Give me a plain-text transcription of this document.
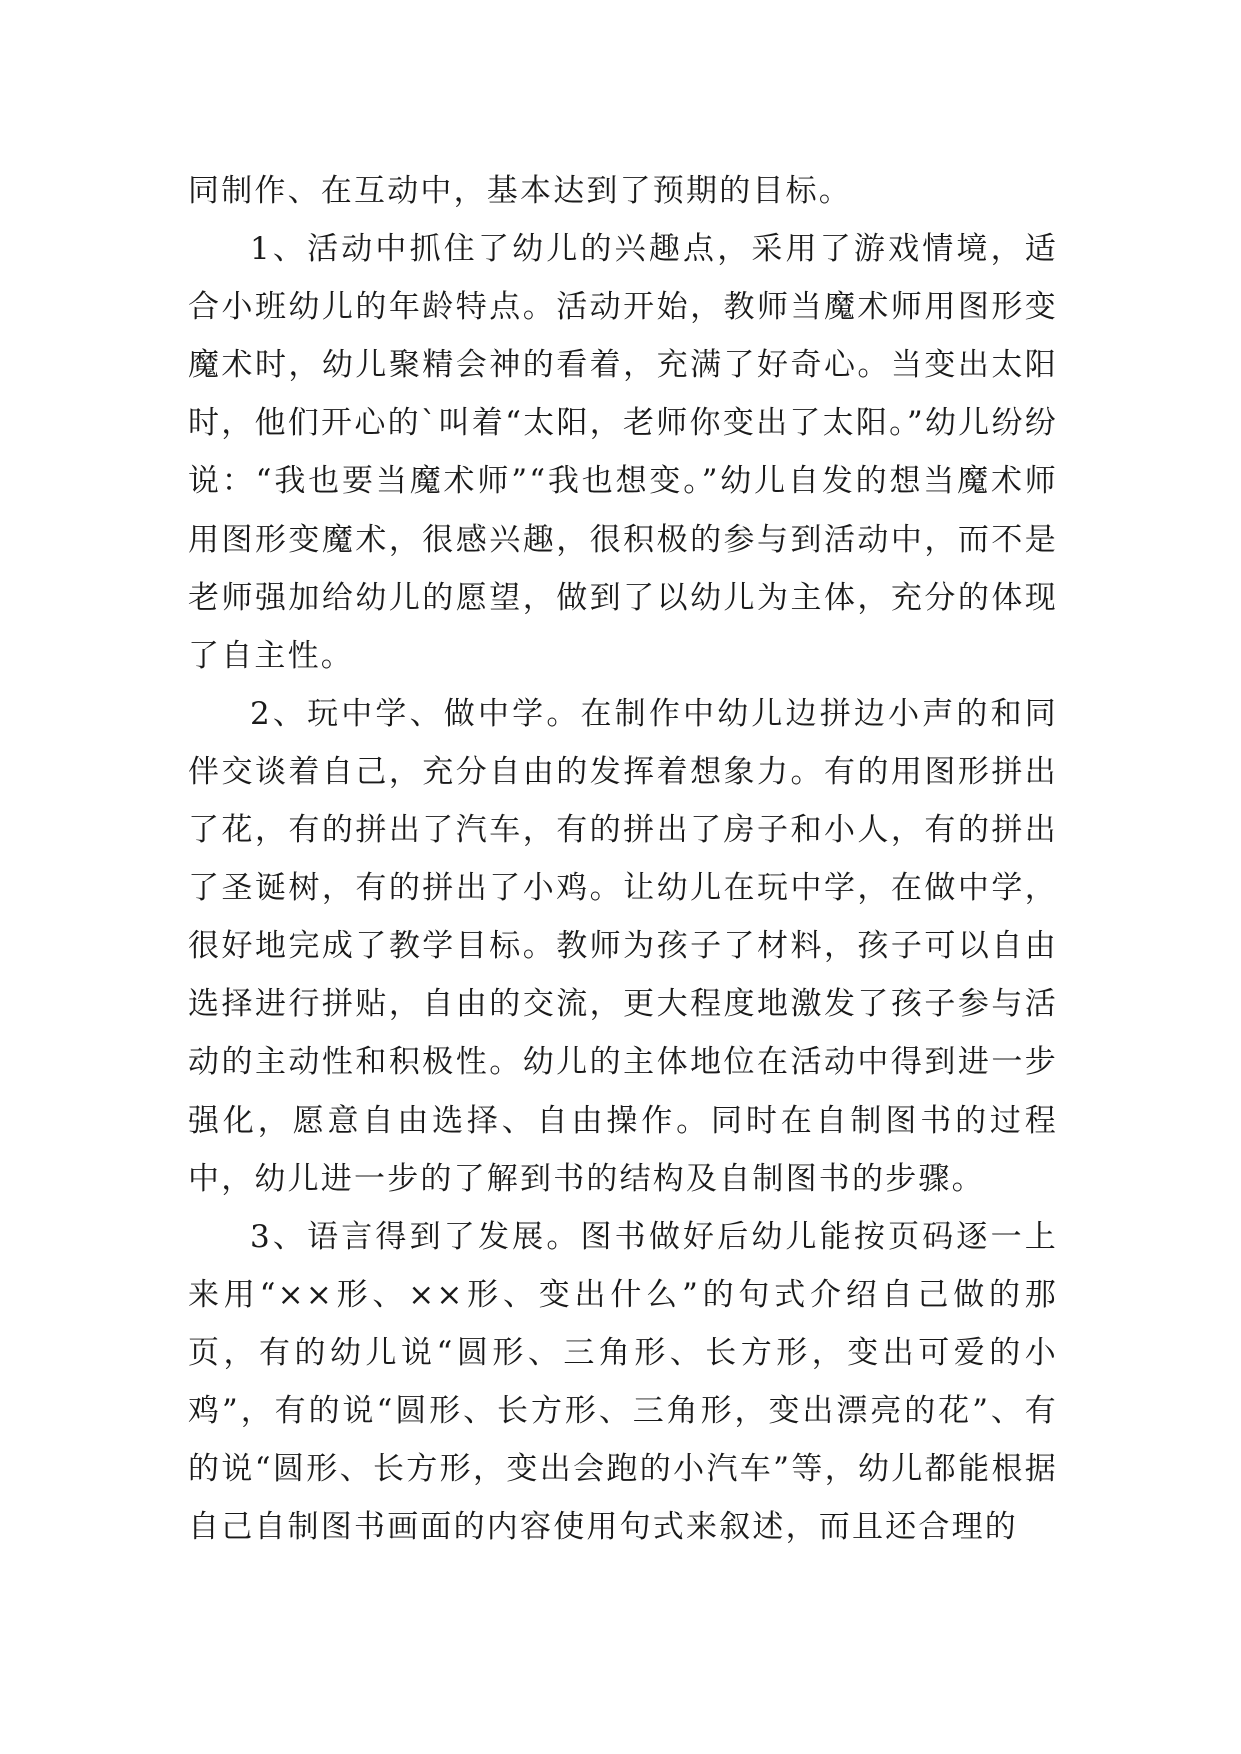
同制作、在互动中，基本达到了预期的目标。

1、活动中抓住了幼儿的兴趣点，采用了游戏情境，适合小班幼儿的年龄特点。活动开始，教师当魔术师用图形变魔术时，幼儿聚精会神的看着，充满了好奇心。当变出太阳时，他们开心的`叫着“太阳，老师你变出了太阳。”幼儿纷纷说：“我也要当魔术师”“我也想变。”幼儿自发的想当魔术师用图形变魔术，很感兴趣，很积极的参与到活动中，而不是老师强加给幼儿的愿望，做到了以幼儿为主体，充分的体现了自主性。

2、玩中学、做中学。在制作中幼儿边拼边小声的和同伴交谈着自己，充分自由的发挥着想象力。有的用图形拼出了花，有的拼出了汽车，有的拼出了房子和小人，有的拼出了圣诞树，有的拼出了小鸡。让幼儿在玩中学，在做中学，很好地完成了教学目标。教师为孩子了材料，孩子可以自由选择进行拼贴，自由的交流，更大程度地激发了孩子参与活动的主动性和积极性。幼儿的主体地位在活动中得到进一步强化，愿意自由选择、自由操作。同时在自制图书的过程中，幼儿进一步的了解到书的结构及自制图书的步骤。

3、语言得到了发展。图书做好后幼儿能按页码逐一上来用“××形、××形、变出什么”的句式介绍自己做的那页，有的幼儿说“圆形、三角形、长方形，变出可爱的小鸡”，有的说“圆形、长方形、三角形，变出漂亮的花”、有的说“圆形、长方形，变出会跑的小汽车”等，幼儿都能根据自己自制图书画面的内容使用句式来叙述，而且还合理的
